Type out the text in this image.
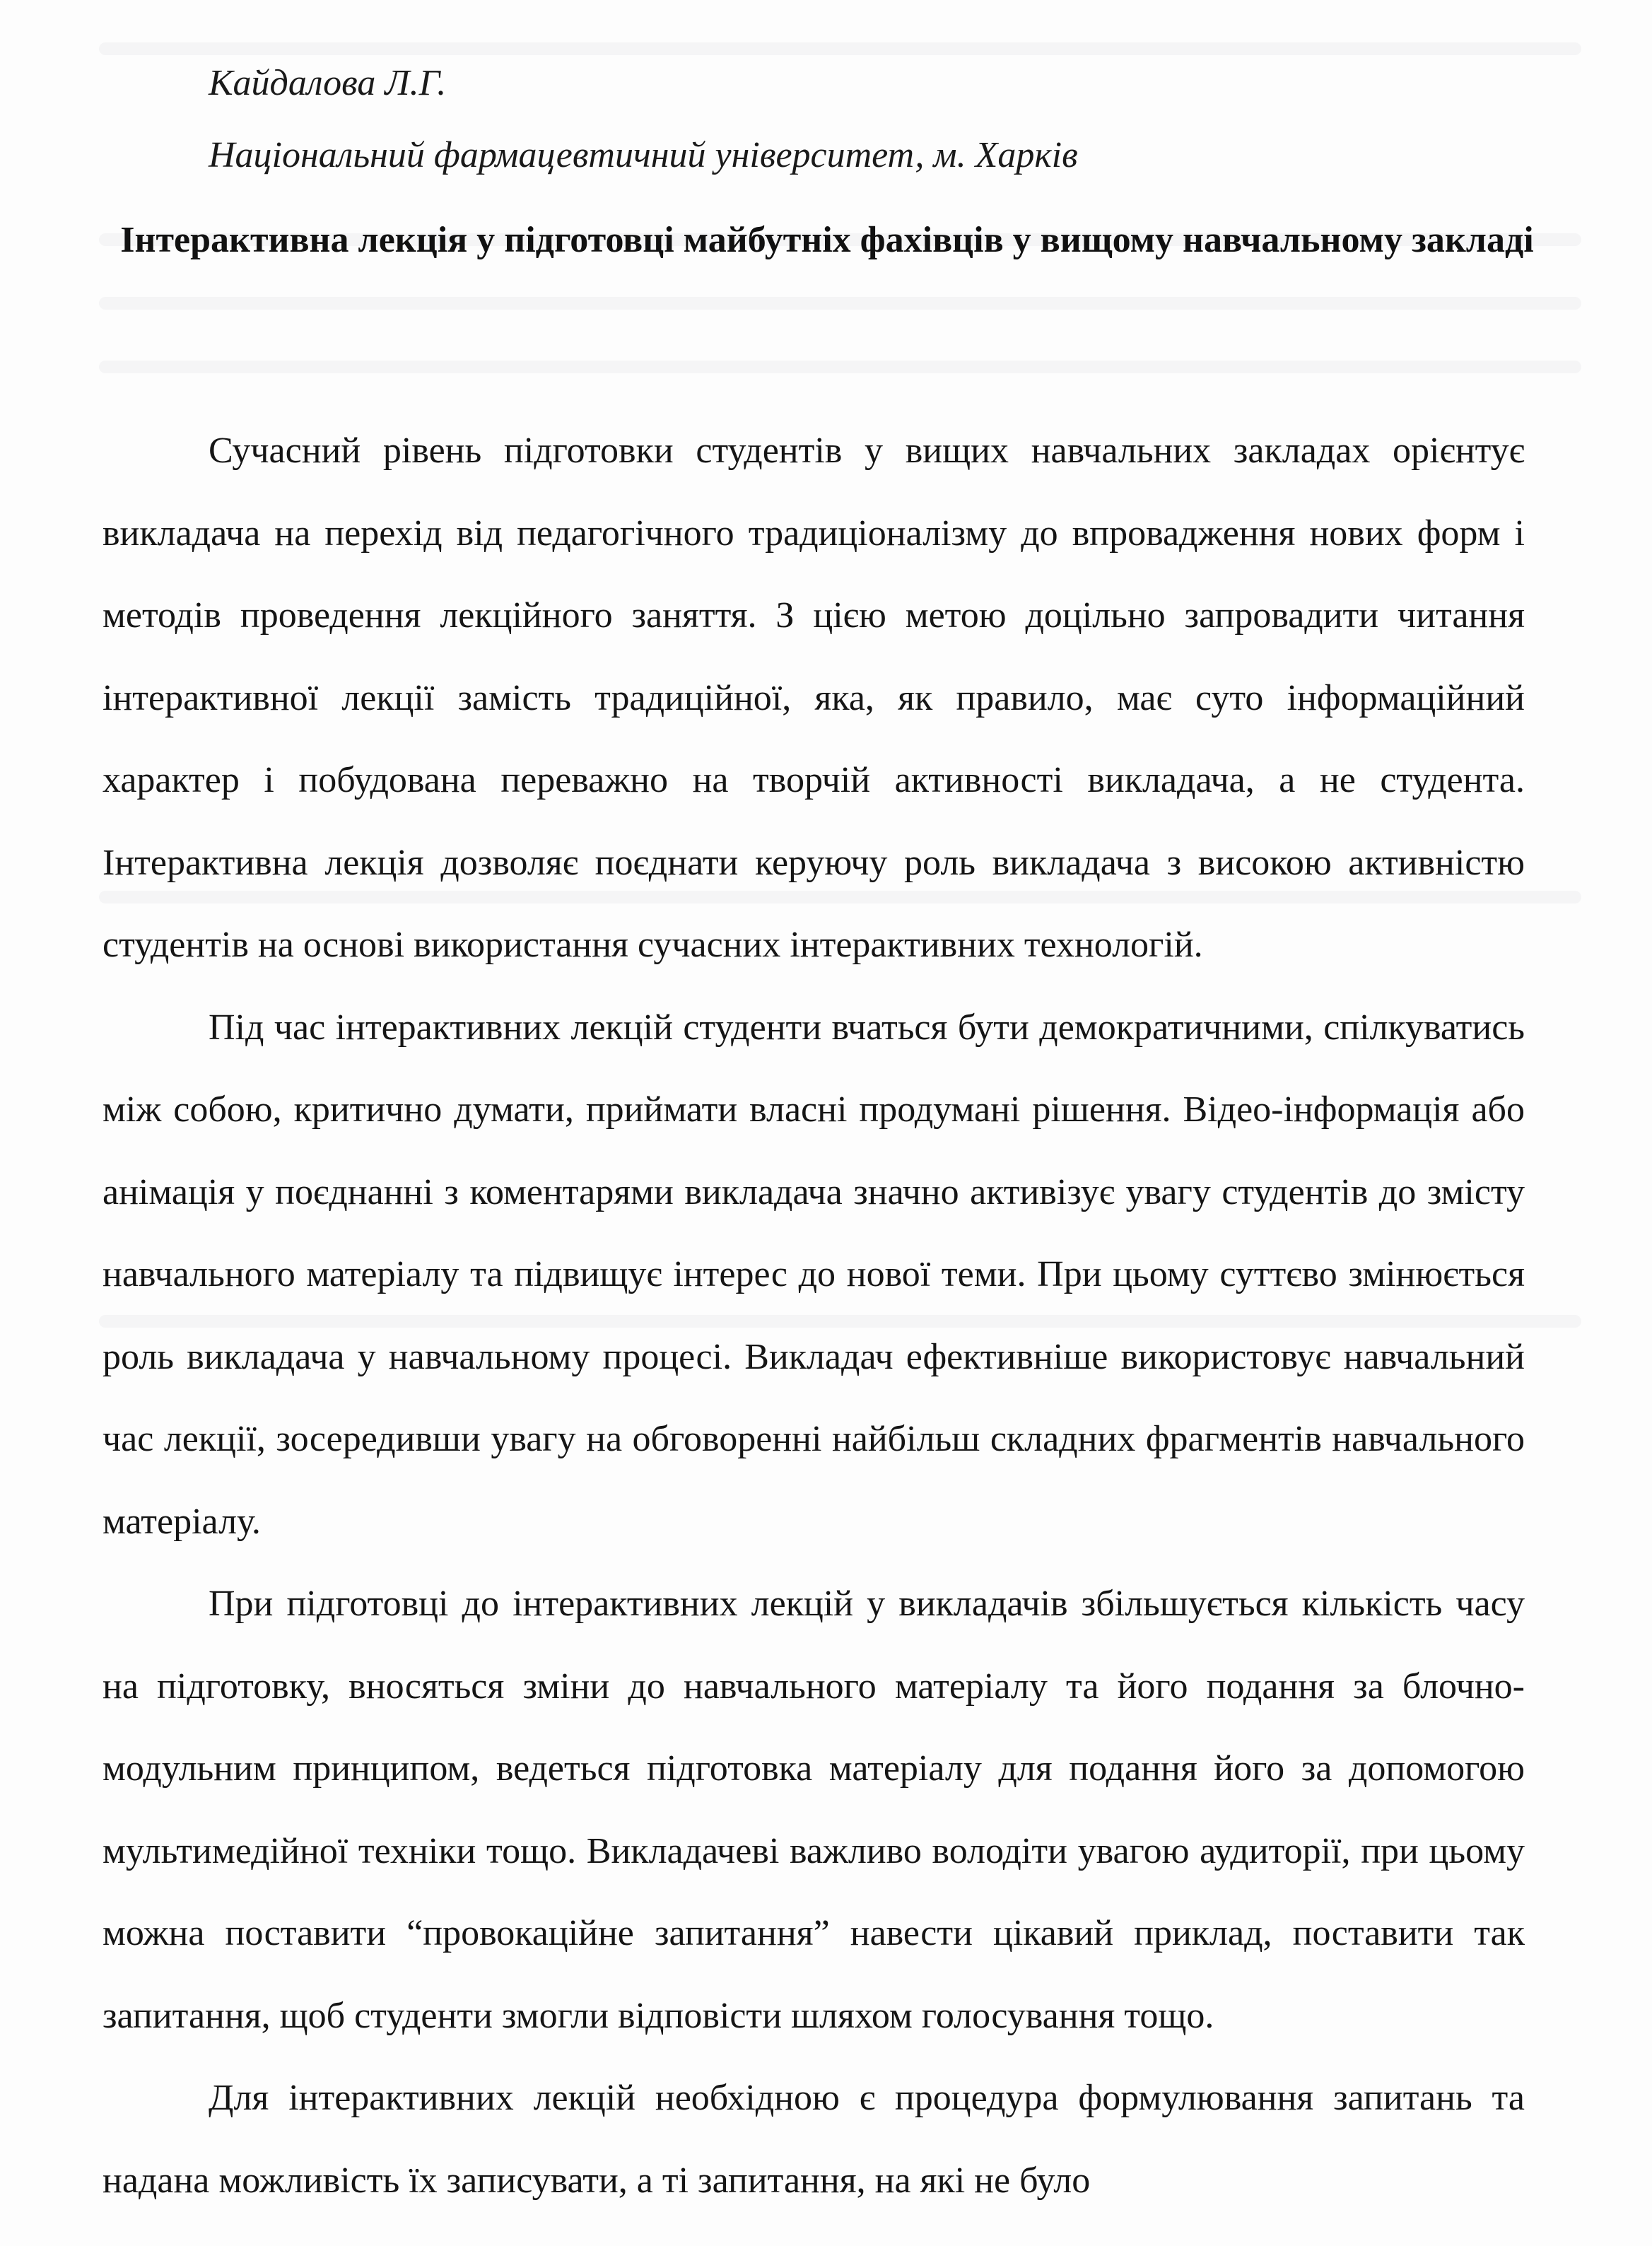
Кайдалова Л.Г.
Національний фармацевтичний університет, м. Харків
Інтерактивна лекція у підготовці майбутніх фахівців у вищому навчальному закладі

Сучасний рівень підготовки студентів у вищих навчальних закладах орієнтує викладача на перехід від педагогічного традиціоналізму до впровадження нових форм і методів проведення лекційного заняття. З цією метою доцільно запровадити читання інтерактивної лекції замість традиційної, яка, як правило, має суто інформаційний характер і побудована переважно на творчій активності викладача, а не студента. Інтерактивна лекція дозволяє поєднати керуючу роль викладача з високою активністю студентів на основі використання сучасних інтерактивних технологій.

Під час інтерактивних лекцій студенти вчаться бути демократичними, спілкуватись між собою, критично думати, приймати власні продумані рішення. Відео-інформація або анімація у поєднанні з коментарями викладача значно активізує увагу студентів до змісту навчального матеріалу та підвищує інтерес до нової теми. При цьому суттєво змінюється роль викладача у навчальному процесі. Викладач ефективніше використовує навчальний час лекції, зосередивши увагу на обговоренні найбільш складних фрагментів навчального матеріалу.

При підготовці до інтерактивних лекцій у викладачів збільшується кількість часу на підготовку, вносяться зміни до навчального матеріалу та його подання за блочно-модульним принципом, ведеться підготовка матеріалу для подання його за допомогою мультимедійної техніки тощо. Викладачеві важливо володіти увагою аудиторії, при цьому можна поставити “провокаційне запитання” навести цікавий приклад, поставити так запитання, щоб студенти змогли відповісти шляхом голосування тощо.

Для інтерактивних лекцій необхідною є процедура формулювання запитань та надана можливість їх записувати, а ті запитання, на які не було
